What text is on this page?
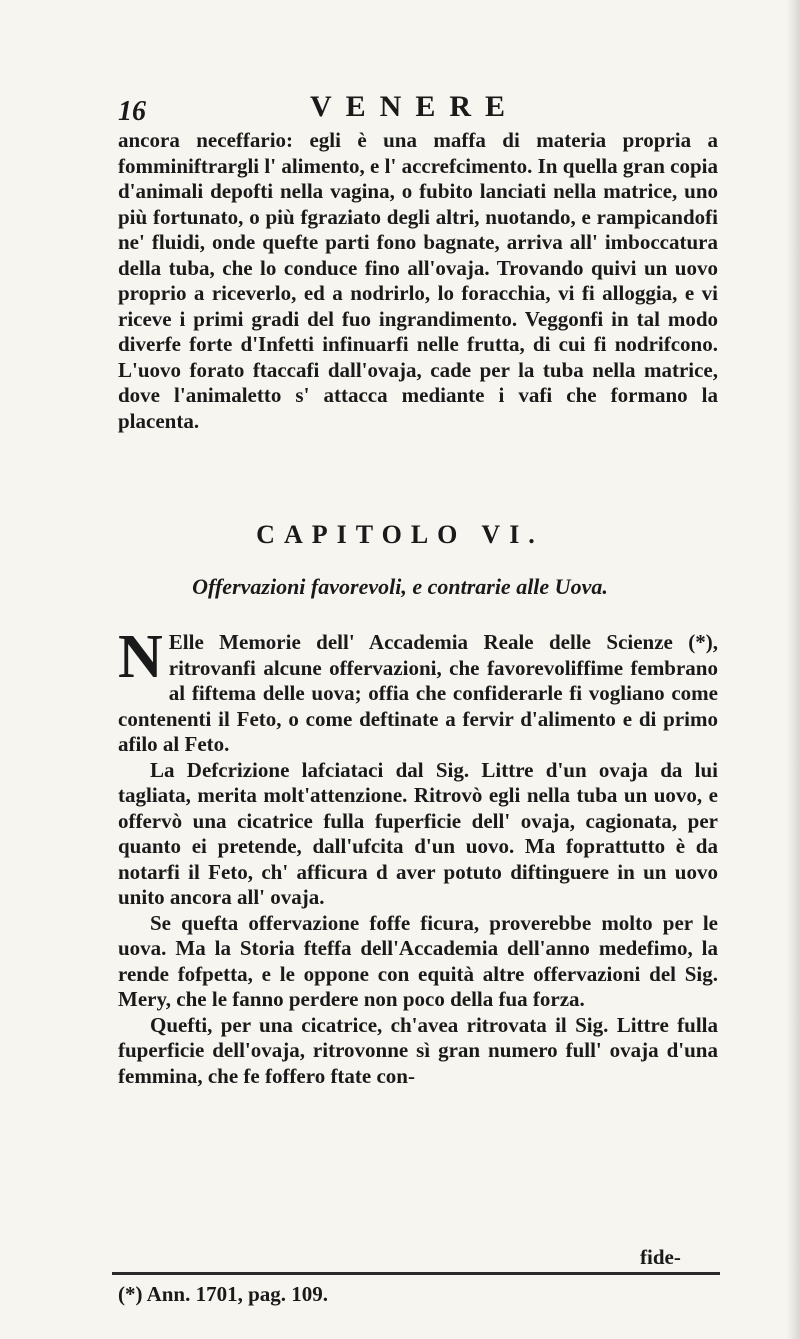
16	VENERE
ancora neceffario: egli è una maffa di materia propria a fomminiftrargli l' alimento, e l' accrefcimento. In quella gran copia d'animali depofti nella vagina, o fubito lanciati nella matrice, uno più fortunato, o più fgraziato degli altri, nuotando, e rampicandofi ne' fluidi, onde quefte parti fono bagnate, arriva all' imboccatura della tuba, che lo conduce fino all'ovaja. Trovando quivi un uovo proprio a riceverlo, ed a nodrirlo, lo foracchia, vi fi alloggia, e vi riceve i primi gradi del fuo ingrandimento. Veggonfi in tal modo diverfe forte d'Infetti infinuarfi nelle frutta, di cui fi nodrifcono. L'uovo forato ftaccafi dall'ovaja, cade per la tuba nella matrice, dove l'animaletto s' attacca mediante i vafi che formano la placenta.
CAPITOLO VI.
Offervazioni favorevoli, e contrarie alle Uova.
N Elle Memorie dell' Accademia Reale delle Scienze (*), ritrovanfi alcune offervazioni, che favorevoliffime fembrano al fiftema delle uova; offia che confiderarle fi vogliano come contenenti il Feto, o come deftinate a fervir d'alimento e di primo afilo al Feto.
La Defcrizione lafciataci dal Sig. Littre d'un ovaja da lui tagliata, merita molt'attenzione. Ritrovò egli nella tuba un uovo, e offervò una cicatrice fulla fuperficie dell' ovaja, cagionata, per quanto ei pretende, dall'ufcita d'un uovo. Ma foprattutto è da notarfi il Feto, ch' afficura d aver potuto diftinguere in un uovo unito ancora all' ovaja.
Se quefta offervazione foffe ficura, proverebbe molto per le uova. Ma la Storia fteffa dell'Accademia dell'anno medefimo, la rende fofpetta, e le oppone con equità altre offervazioni del Sig. Mery, che le fanno perdere non poco della fua forza.
Quefti, per una cicatrice, ch'avea ritrovata il Sig. Littre fulla fuperficie dell'ovaja, ritrovonne sì gran numero full' ovaja d'una femmina, che fe foffero ftate con-
fide-
(*) Ann. 1701, pag. 109.
